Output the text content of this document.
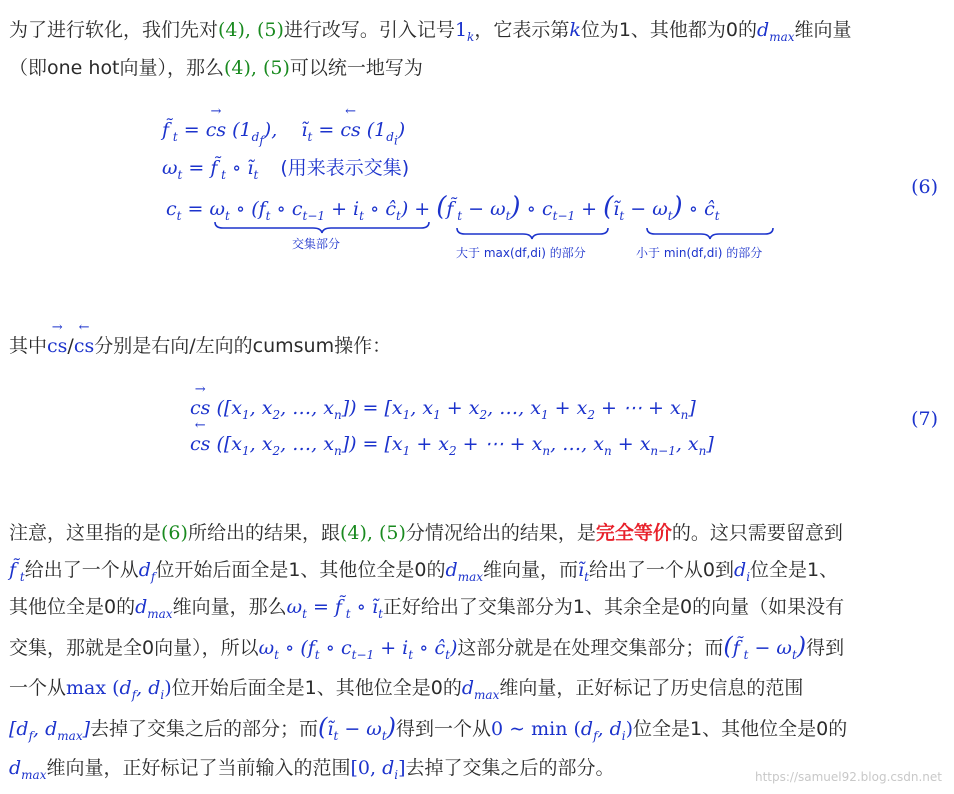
为了进行软化，我们先对(4), (5)进行改写。引入记号$1_k$，它表示第k位为1、其他都为0的$d_{max}$维向量
（即one hot向量），那么(4), (5)可以统一地写为
f̃ $_t$ = cs
→
$(1_{d_f})$,    $ĩ_t$ = cs
←
$(1_{d_i})$
$\omega_t$ = f̃ $_t$ ∘ $ĩ_t$ (用来表示交集)
$c_t = \omega_t$ ∘ ($f_t$ ∘ $c_{t-1} + i_t$ ∘ $ĉ_t$) + (f̃ $_t - \omega_t$) ∘ $c_{t-1}$ + $(ĩ_t - \omega_t)$ ∘ $ĉ_t$
交集部分
大于 max(df,di) 的部分	小于 min(df,di) 的部分
(6)
其中cs
→
/cs
←
分别是右向/左向的cumsum操作：
cs
→
([$x_1$, $x_2$, …, $x_n]) = [x_1$, $x_1 + x_2$, …, $x_1 + x_2$ + ⋯ + $x_n$]
cs
←
([$x_1$, $x_2$, …, $x_n]) = [x_1 + x_2$ + ⋯ + $x_n$, …, $x_n + x_{n-1}$, $x_n$]
(7)
注意，这里指的是(6)所给出的结果，跟(4), (5)分情况给出的结果，是完全等价的。这只需要留意到
f̃ $_t$给出了一个从$d_f$位开始后面全是1、其他位全是0的$d_{max}$维向量，而$ĩ_t$给出了一个从0到$d_i$位全是1、
其他位全是0的$d_{max}$维向量，那么$\omega_t$ = f̃ $_t$ ∘ $ĩ_t$正好给出了交集部分为1、其余全是0的向量（如果没有
交集，那就是全0向量），所以$\omega_t$ ∘ ($f_t$ ∘ $c_{t-1} + i_t$ ∘ $ĉ_t$)这部分就是在处理交集部分；而(f̃ $_t - \omega_t$)得到
一个从$\max (d_f$, $d_i$)位开始后面全是1、其他位全是0的$d_{max}$维向量，正好标记了历史信息的范围
[$d_f$, $d_{max}$]去掉了交集之后的部分；而$(ĩ_t - \omega_t)$得到一个从0 ∼ $\min (d_f$, $d_i$)位全是1、其他位全是0的
$d_{max}$维向量，正好标记了当前输入的范围[0, $d_i$]去掉了交集之后的部分。	https://samuel92.blog.csdn.net
